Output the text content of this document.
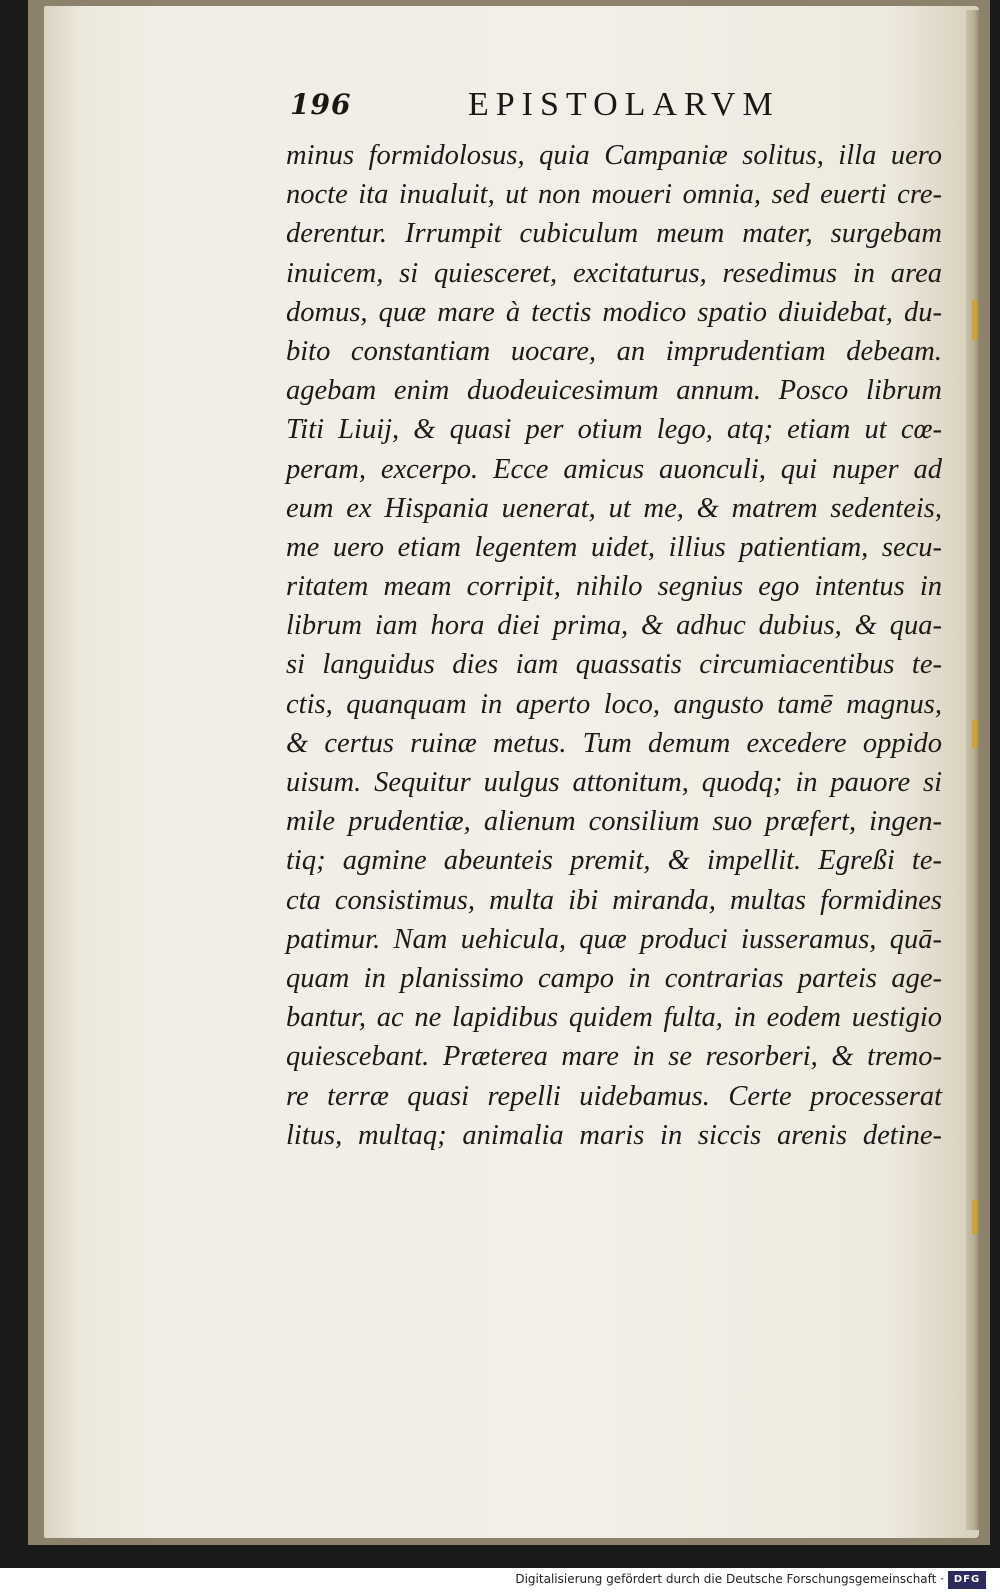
196	EPISTOLARVM
minus formidolosus, quia Campaniæ solitus, illa uero
nocte ita inualuit, ut non moueri omnia, sed euerti cre-
derentur. Irrumpit cubiculum meum mater, surgebam
inuicem, si quiesceret, excitaturus, resedimus in area
domus, quæ mare à tectis modico spatio diuidebat, du-
bito constantiam uocare, an imprudentiam debeam.
agebam enim duodeuicesimum annum. Posco librum
Titi Liuij, & quasi per otium lego, atq; etiam ut cœ-
peram, excerpo. Ecce amicus auonculi, qui nuper ad
eum ex Hispania uenerat, ut me, & matrem sedenteis,
me uero etiam legentem uidet, illius patientiam, secu-
ritatem meam corripit, nihilo segnius ego intentus in
librum iam hora diei prima, & adhuc dubius, & qua-
si languidus dies iam quassatis circumiacentibus te-
ctis, quanquam in aperto loco, angusto tamē magnus,
& certus ruinæ metus. Tum demum excedere oppido
uisum. Sequitur uulgus attonitum, quodq; in pauore si
mile prudentiæ, alienum consilium suo præfert, ingen-
tiq; agmine abeunteis premit, & impellit. Egreßi te-
cta consistimus, multa ibi miranda, multas formidines
patimur. Nam uehicula, quæ produci iusseramus, quā-
quam in planissimo campo in contrarias parteis age-
bantur, ac ne lapidibus quidem fulta, in eodem uestigio
quiescebant. Præterea mare in se resorberi, & tremo-
re terræ quasi repelli uidebamus. Certe processerat
litus, multaq; animalia maris in siccis arenis detine-
Digitalisierung gefördert durch die Deutsche Forschungsgemeinschaft · DFG
